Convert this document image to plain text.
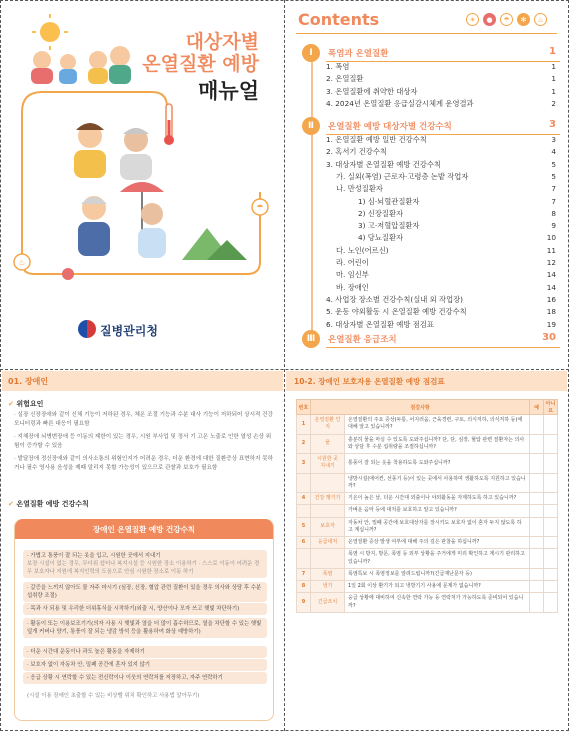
☂
♨
대상자별
온열질환 예방
매뉴얼
질병관리청
Contents	☀	●	☂	✻	♨
Ⅰ	폭염과 온열질환	1
1. 폭염	1
2. 온열질환	1
3. 온열질환에 취약한 대상자	1
4. 2024년 온열질환 응급실감시체계 운영결과	2
Ⅱ	온열질환 예방 대상자별 건강수칙	3
1. 온열질환 예방 일반 건강수칙	3
2. 혹서기 건강수칙	4
3. 대상자별 온열질환 예방 건강수칙	5
가. 실외(폭염) 근로자·고령층 논밭 작업자	5
나. 만성질환자	7
1) 심·뇌혈관질환자	7
2) 신장질환자	8
3) 고·저혈압질환자	9
4) 당뇨질환자	10
다. 노인(어르신)	11
라. 어린이	12
마. 임신부	14
바. 장애인	14
4. 사업장 장소별 건강수칙(실내 외 작업장)	16
5. 운동 야외활동 시 온열질환 예방 건강수칙	18
6. 대상자별 온열질환 예방 점검표	19
Ⅲ	온열질환 응급조치	30
01. 장애인
✔ 위험요인
· 실장 신장장애와 같이 신체 기능이 저하된 경우, 체온 조절 기능과 수분 대사 기능이 저하되어 상시적 건강 모니터링과 빠른 대응이 필요함
· 지체장애 뇌병변장애 등 이동의 제한이 있는 경우, 시원 부사업 및 정서 기 고온 노출로 인한 열성 손상 위험이 증가할 수 있음
· 발달장애 정신장애와 같이 의사소통의 위험인지가 어려운 경우, 더운 환경에 대한 질환증상 표현하지 못하거나 필수 영사용 음성을 제때 알리지 못할 가능성이 있으므로 관찰과 보호가 필요함
✔ 온열질환 예방 건강수칙
장애인 온열질환 예방 건강수칙
· 가볍고 통풍이 잘 되는 옷을 입고, 시원한 곳에서 지내기
보장 시설이 없는 경우, 무더위 쉼터나 복지시설 등 시원한 장소 이용하기 · 스스로 이동이 어려운 경우 보호자나 지원에 복지인력의 도움으로 안심 시원한 장소로 이동 하기
· 갈증을 느끼지 않아도 물 자주 마시기 (심장, 신장, 혈압 관련 질환이 있을 경우 의사와 상담 후 수분섭취량 조절)
· 목과 사 되용 및 우리한 더위휴식을 시작하기(외출 시, 양산이나 모자 쓰고 햇빛 차단하기)
· 활동이 또는 이용보조기기(의자 사용 시 햇빛과 열을 더 많이 흡수하므로, 열을 차단할 수 있는 햇빛 덮개 커버나 양기, 통풍이 잘 되는 냉감 방석 등을 활용하여 화상 예방하기)
· 더운 시간대 운동이나 과도 높은 활동을 자제하기
· 보호자 없이 자동차 안, 밀폐 공간에 혼자 있지 않기
· 응급 상황 시 연락할 수 있는 전신락이나 이웃의 연락처를 저장하고, 자주 연락하기
(시설 이용 장애인 초출할 수 있는 비상벨 위치 확인하고 사용법 알아두기)
10-2. 장애인 보호자용 온열질환 예방 점검표
번호	점검사항		예	아니요
1	온열질환 인지	온열질환의 주요 증상(두통, 어지러움, 근육경련, 구토, 의식저하, 의식저하 등)에 대해 알고 있습니까?		
2	물	충분히 물을 마실 수 있도록 도와주십니까? 단, 단, 심장, 혈압 관련 질환자는 의사와 상담 후 수분 섭취량을 조절하십니까?		
3	시원한 곳 지내기	통풍이 잘 되는 옷을 착용하도록 도와주십니까?		
		냉방시설(에어컨, 선풍기 등)이 있는 곳에서 사용하며 생활하도록 지원하고 있습니까?		
4	건강 행기기	기온이 높은 날, 더운 시간대 외출이나 야외활동을 자제하도록 하고 있습니까?		
		가벼운 음악 등에 대처를 보호하고 알고 있습니까?		
5	보호자	자동차 안, 밀폐 공간에 보호대상자를 장시키도 보호자 없이 혼자 두지 않도록 하고 계십니까?		
6	응급대처	온열질환 증상 발생 여부에 대해 주의 깊은 관찰을 하십니까?		
		폭염 시 방지, 방문, 폭염 등 외부 상황을 주거에게 미리 확인하고 계시기 관리하고 있습니까?		
7	폭염	폭염특보 시 폭염정보를 알려드립니까?(긴급재난문자 등)		
8	냉기	1일 2회 이상 환기가 되고 냉방기기 사용에 문제가 없습니까?		
9	긴급조치	응급 상황에 대비하여 신속한 연락 가능 등 연락처가 가능하도록 준비되어 있습니까?		
